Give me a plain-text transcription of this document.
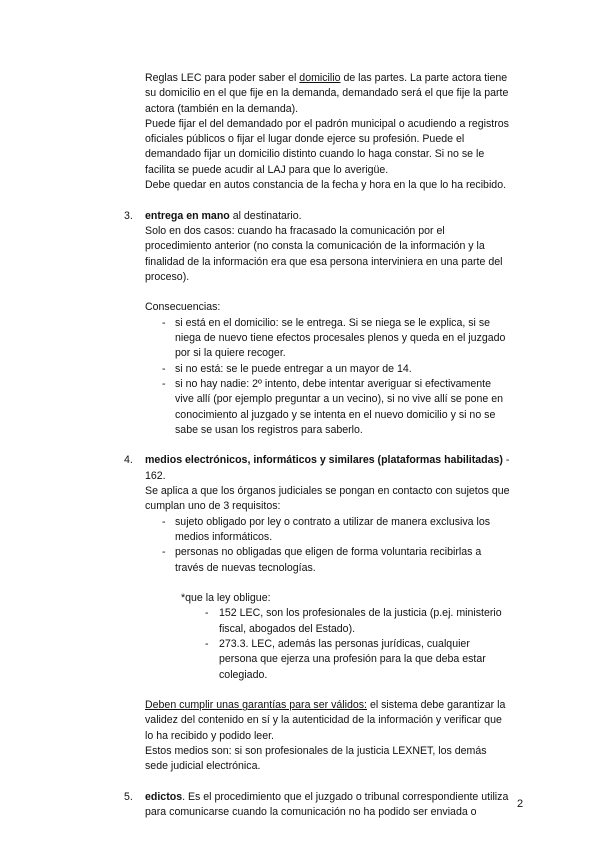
Reglas LEC para poder saber el domicilio de las partes. La parte actora tiene su domicilio en el que fije en la demanda, demandado será el que fije la parte actora (también en la demanda).

Puede fijar el del demandado por el padrón municipal o acudiendo a registros oficiales públicos o fijar el lugar donde ejerce su profesión. Puede el demandado fijar un domicilio distinto cuando lo haga constar. Si no se le facilita se puede acudir al LAJ para que lo averigüe.

Debe quedar en autos constancia de la fecha y hora en la que lo ha recibido.

3. entrega en mano al destinatario.

Solo en dos casos: cuando ha fracasado la comunicación por el procedimiento anterior (no consta la comunicación de la información y la finalidad de la información era que esa persona interviniera en una parte del proceso).

Consecuencias:

- si está en el domicilio: se le entrega. Si se niega se le explica, si se niega de nuevo tiene efectos procesales plenos y queda en el juzgado por si la quiere recoger.
- si no está: se le puede entregar a un mayor de 14.
- si no hay nadie: 2º intento, debe intentar averiguar si efectivamente vive allí (por ejemplo preguntar a un vecino), si no vive allí se pone en conocimiento al juzgado y se intenta en el nuevo domicilio y si no se sabe se usan los registros para saberlo.
4. medios electrónicos, informáticos y similares (plataformas habilitadas) - 162.

Se aplica a que los órganos judiciales se pongan en contacto con sujetos que cumplan uno de 3 requisitos:

- sujeto obligado por ley o contrato a utilizar de manera exclusiva los medios informáticos.
- personas no obligadas que eligen de forma voluntaria recibirlas a través de nuevas tecnologías.

*que la ley obligue:

- 152 LEC, son los profesionales de la justicia (p.ej. ministerio fiscal, abogados del Estado).
- 273.3. LEC, además las personas jurídicas, cualquier persona que ejerza una profesión para la que deba estar colegiado.

Deben cumplir unas garantías para ser válidos: el sistema debe garantizar la validez del contenido en sí y la autenticidad de la información y verificar que lo ha recibido y podido leer.

Estos medios son: si son profesionales de la justicia LEXNET, los demás sede judicial electrónica.

5. edictos. Es el procedimiento que el juzgado o tribunal correspondiente utiliza para comunicarse cuando la comunicación no ha podido ser enviada o

2
